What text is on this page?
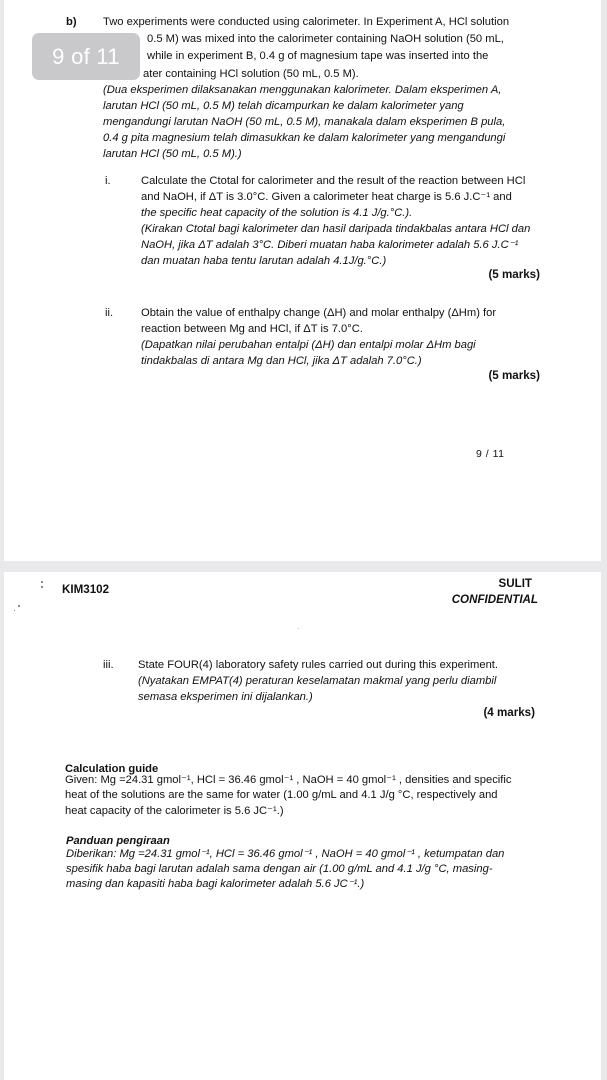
b) Two experiments were conducted using calorimeter. In Experiment A, HCl solution
0.5 M) was mixed into the calorimeter containing NaOH solution (50 mL,
while in experiment B, 0.4 g of magnesium tape was inserted into the
ater containing HCl solution (50 mL, 0.5 M).
(Dua eksperimen dilaksanakan menggunakan kalorimeter. Dalam eksperimen A,
larutan HCl (50 mL, 0.5 M) telah dicampurkan ke dalam kalorimeter yang
mengandungi larutan NaOH (50 mL, 0.5 M), manakala dalam eksperimen B pula,
0.4 g pita magnesium telah dimasukkan ke dalam kalorimeter yang mengandungi
larutan HCl (50 mL, 0.5 M).)
i.	Calculate the Ctotal for calorimeter and the result of the reaction between HCl
and NaOH, if ΔT is 3.0°C. Given a calorimeter heat charge is 5.6 J.C⁻¹ and
the specific heat capacity of the solution is 4.1 J/g.°C.).
(Kirakan Ctotal bagi kalorimeter dan hasil daripada tindakbalas antara HCl dan
NaOH, jika ΔT adalah 3°C. Diberi muatan haba kalorimeter adalah 5.6 J.C⁻¹
dan muatan haba tentu larutan adalah 4.1J/g.°C.)
(5 marks)
ii. Obtain the value of enthalpy change (ΔH) and molar enthalpy (ΔHm) for
reaction between Mg and HCl, if ΔT is 7.0°C.
(Dapatkan nilai perubahan entalpi (ΔH) dan entalpi molar ΔHm bagi
tindakbalas di antara Mg dan HCl, jika ΔT adalah 7.0°C.)
(5 marks)
9 / 11
9 of 11
KIM3102	SULIT
CONFIDENTIAL
iii. State FOUR(4) laboratory safety rules carried out during this experiment.
(Nyatakan EMPAT(4) peraturan keselamatan makmal yang perlu diambil
semasa eksperimen ini dijalankan.)
(4 marks)
Calculation guide
Given: Mg =24.31 gmol⁻¹, HCl = 36.46 gmol⁻¹ , NaOH = 40 gmol⁻¹ , densities and specific
heat of the solutions are the same for water (1.00 g/mL and 4.1 J/g °C, respectively and
heat capacity of the calorimeter is 5.6 JC⁻¹.)
Panduan pengiraan
Diberikan: Mg =24.31 gmol⁻¹, HCl = 36.46 gmol⁻¹ , NaOH = 40 gmol⁻¹ , ketumpatan dan
spesifik haba bagi larutan adalah sama dengan air (1.00 g/mL and 4.1 J/g °C, masing-
masing dan kapasiti haba bagi kalorimeter adalah 5.6 JC⁻¹.)
